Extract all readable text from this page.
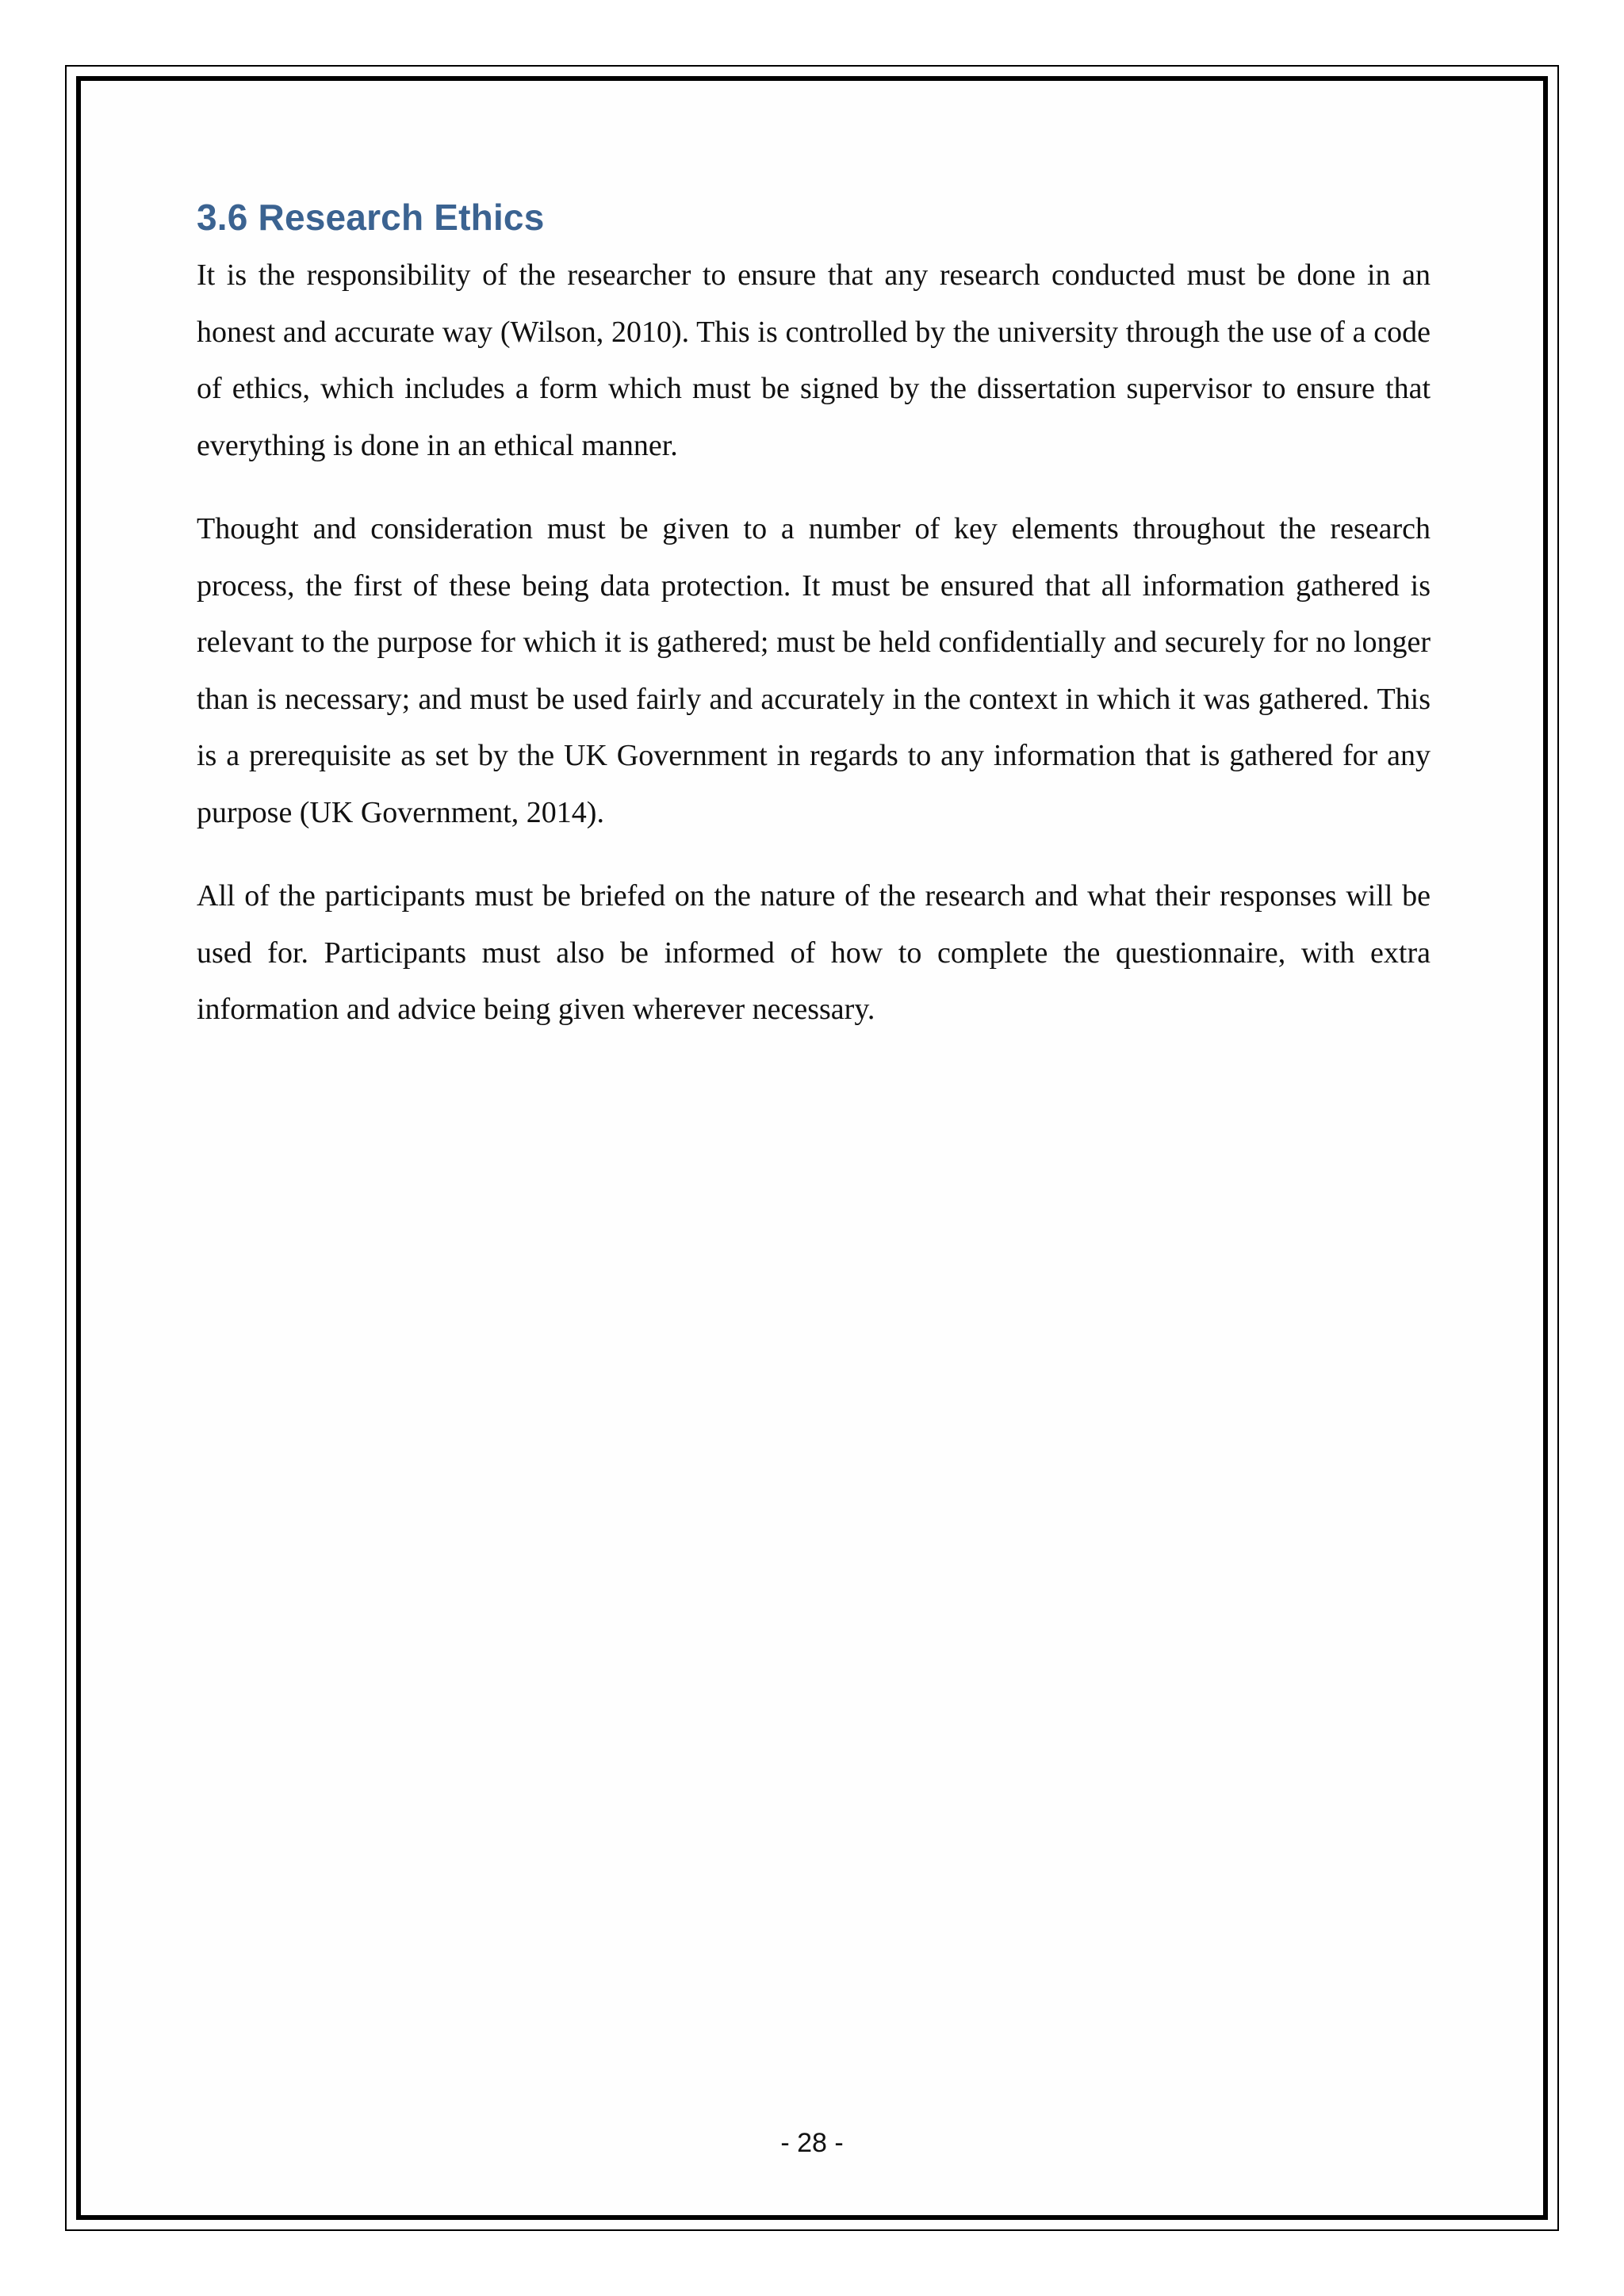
3.6 Research Ethics

It is the responsibility of the researcher to ensure that any research conducted must be done in an honest and accurate way (Wilson, 2010). This is controlled by the university through the use of a code of ethics, which includes a form which must be signed by the dissertation supervisor to ensure that everything is done in an ethical manner.

Thought and consideration must be given to a number of key elements throughout the research process, the first of these being data protection. It must be ensured that all information gathered is relevant to the purpose for which it is gathered; must be held confidentially and securely for no longer than is necessary; and must be used fairly and accurately in the context in which it was gathered. This is a prerequisite as set by the UK Government in regards to any information that is gathered for any purpose (UK Government, 2014).

All of the participants must be briefed on the nature of the research and what their responses will be used for. Participants must also be informed of how to complete the questionnaire, with extra information and advice being given wherever necessary.

- 28 -
